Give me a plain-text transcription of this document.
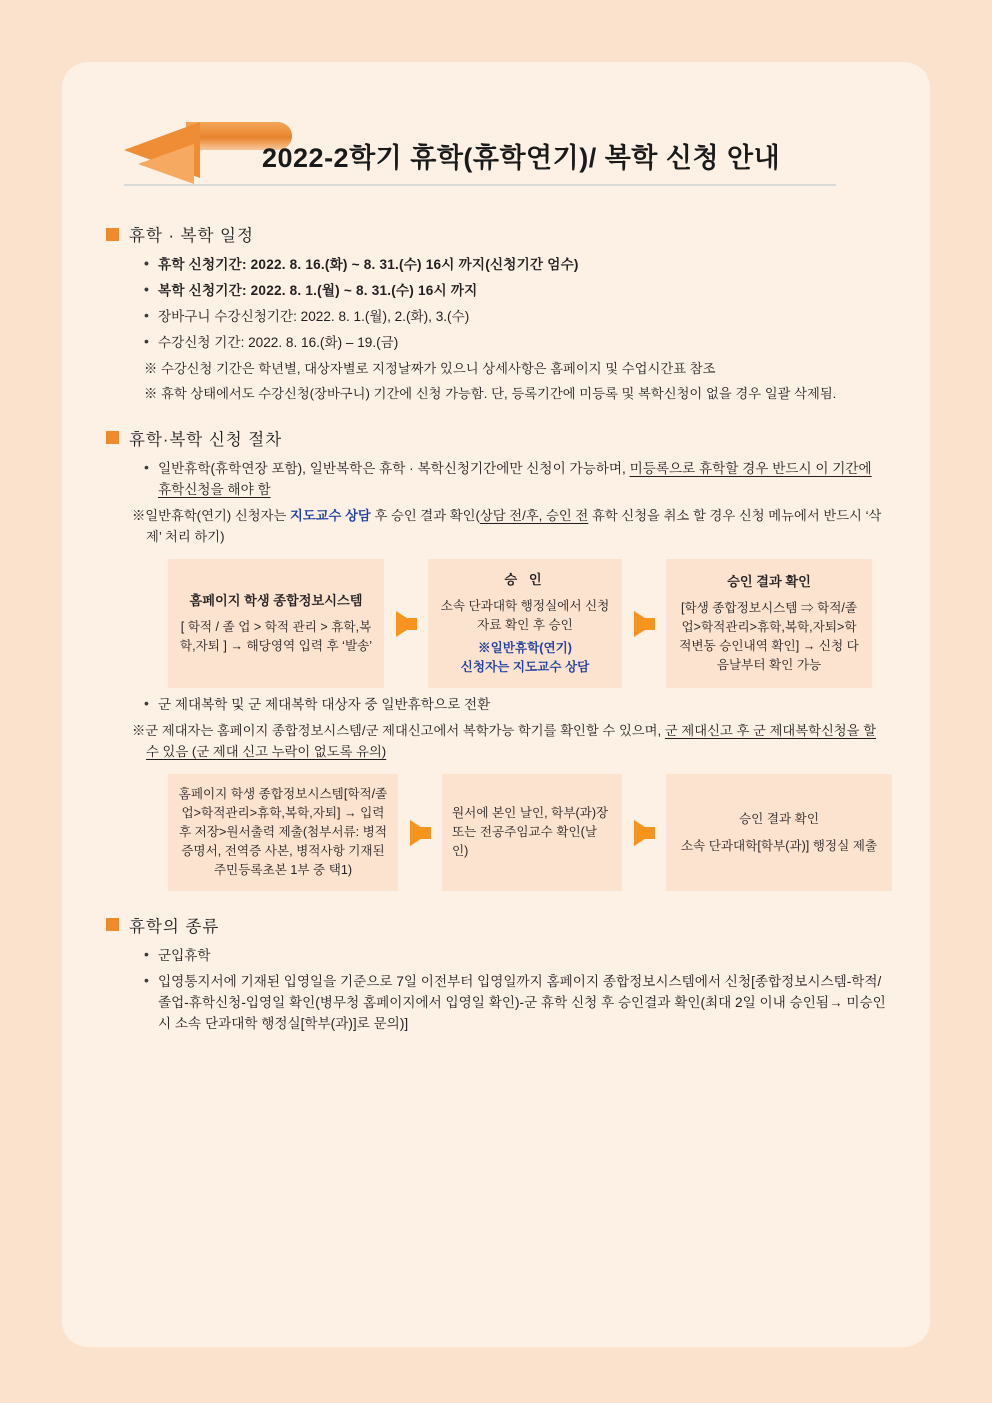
2022-2학기 휴학(휴학연기)/ 복학 신청 안내
휴학 · 복학 일정
• 휴학 신청기간: 2022. 8. 16.(화) ~ 8. 31.(수) 16시 까지(신청기간 엄수)
• 복학 신청기간: 2022. 8. 1.(월) ~ 8. 31.(수) 16시 까지
• 장바구니 수강신청기간: 2022. 8. 1.(월), 2.(화), 3.(수)
• 수강신청 기간: 2022. 8. 16.(화) – 19.(금)
※ 수강신청 기간은 학년별, 대상자별로 지정날짜가 있으니 상세사항은 홈페이지 및 수업시간표 참조
※ 휴학 상태에서도 수강신청(장바구니) 기간에 신청 가능함. 단, 등록기간에 미등록 및 복학신청이 없을 경우 일괄 삭제됨.
휴학·복학 신청 절차
• 일반휴학(휴학연장 포함), 일반복학은 휴학 · 복학신청기간에만 신청이 가능하며, 미등록으로 휴학할 경우 반드시 이 기간에 휴학신청을 해야 함
※일반휴학(연기) 신청자는 지도교수 상담 후 승인 결과 확인(상담 전/후, 승인 전 휴학 신청을 취소 할 경우 신청 메뉴에서 반드시 ‘삭제’ 처리 하기)
홈페이지 학생 종합정보시스템
[ 학적 / 졸 업 > 학적 관리 > 휴학,복학,자퇴 ] → 해당영역 입력 후 ‘발송’
승 인
소속 단과대학 행정실에서 신청 자료 확인 후 승인
※일반휴학(연기)
신청자는 지도교수 상담
승인 결과 확인
[학생 종합정보시스템 ⇒ 학적/졸업>학적관리>휴학,복학,자퇴>학적변동 승인내역 확인] → 신청 다음날부터 확인 가능
• 군 제대복학 및 군 제대복학 대상자 중 일반휴학으로 전환
※군 제대자는 홈페이지 종합정보시스템/군 제대신고에서 복학가능 학기를 확인할 수 있으며, 군 제대신고 후 군 제대복학신청을 할 수 있음 (군 제대 신고 누락이 없도록 유의)
홈페이지 학생 종합정보시스템[학적/졸업>학적관리>휴학,복학,자퇴] → 입력 후 저장>원서출력 제출(첨부서류: 병적증명서, 전역증 사본, 병적사항 기재된 주민등록초본 1부 중 택1)
원서에 본인 날인, 학부(과)장 또는 전공주임교수 확인(날인)
승인 결과 확인
소속 단과대학[학부(과)] 행정실 제출
휴학의 종류
• 군입휴학
• 입영통지서에 기재된 입영일을 기준으로 7일 이전부터 입영일까지 홈페이지 종합정보시스템에서 신청[종합정보시스템-학적/졸업-휴학신청-입영일 확인(병무청 홈페이지에서 입영일 확인)-군 휴학 신청 후 승인결과 확인(최대 2일 이내 승인됨→ 미승인시 소속 단과대학 행정실[학부(과)]로 문의)]
